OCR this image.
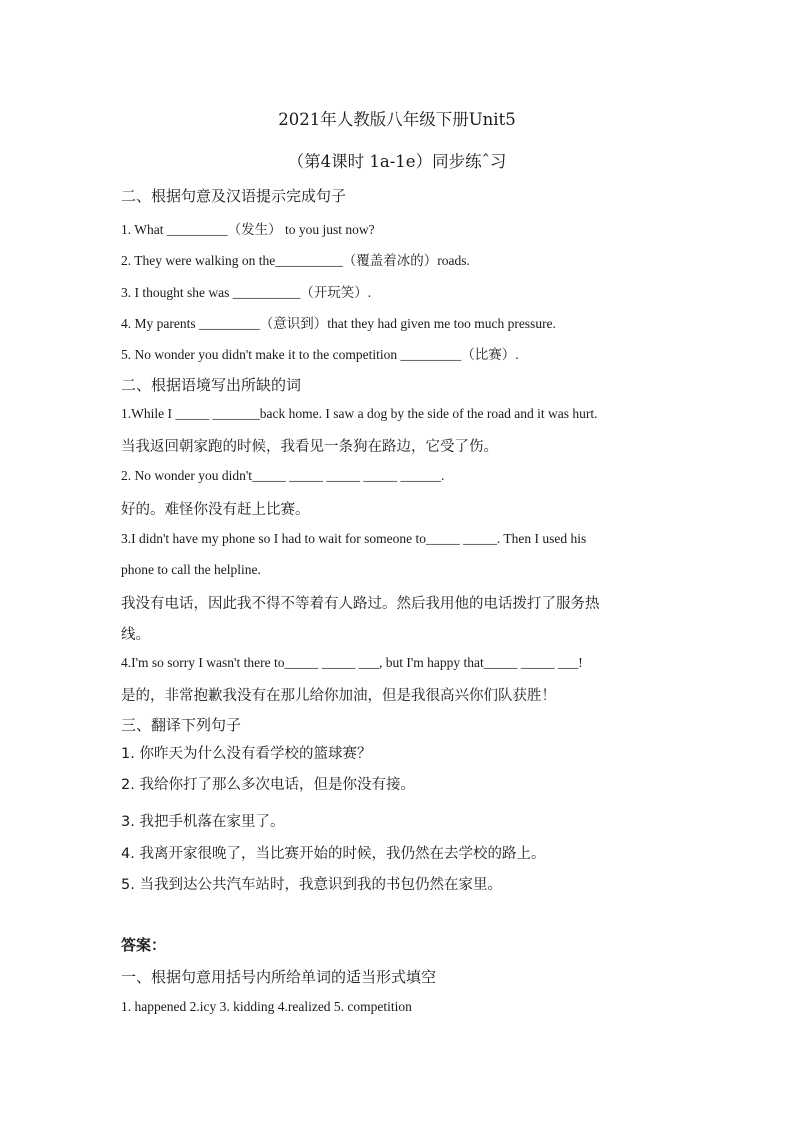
2021年人教版八年级下册Unit5
（第4课时 1a-1e）同步练ˆ习
二、根据句意及汉语提示完成句子
1. What _________（发生） to you just now?
2. They were walking on the__________（覆盖着冰的）roads.
3. I thought she was __________（开玩笑）.
4. My parents _________（意识到）that they had given me too much pressure.
5. No wonder you didn't make it to the competition _________（比赛）.
二、根据语境写出所缺的词
1.While I _____ _______back home. I saw a dog by the side of the road and it was hurt.
当我返回朝家跑的时候，我看见一条狗在路边，它受了伤。
2. No wonder you didn't_____ _____ _____ _____ ______.
好的。难怪你没有赶上比赛。
3.I didn't have my phone so I had to wait for someone to_____ _____. Then I used his
phone to call the helpline.
我没有电话，因此我不得不等着有人路过。然后我用他的电话拨打了服务热
线。
4.I'm so sorry I wasn't there to_____ _____ ___, but I'm happy that_____ _____ ___!
是的，非常抱歉我没有在那儿给你加油，但是我很高兴你们队获胜！
三、翻译下列句子
1. 你昨天为什么没有看学校的篮球赛？
2. 我给你打了那么多次电话，但是你没有接。
3. 我把手机落在家里了。
4. 我离开家很晚了，当比赛开始的时候，我仍然在去学校的路上。
5. 当我到达公共汽车站时，我意识到我的书包仍然在家里。
答案：
一、根据句意用括号内所给单词的适当形式填空
1. happened 2.icy 3. kidding 4.realized 5. competition
